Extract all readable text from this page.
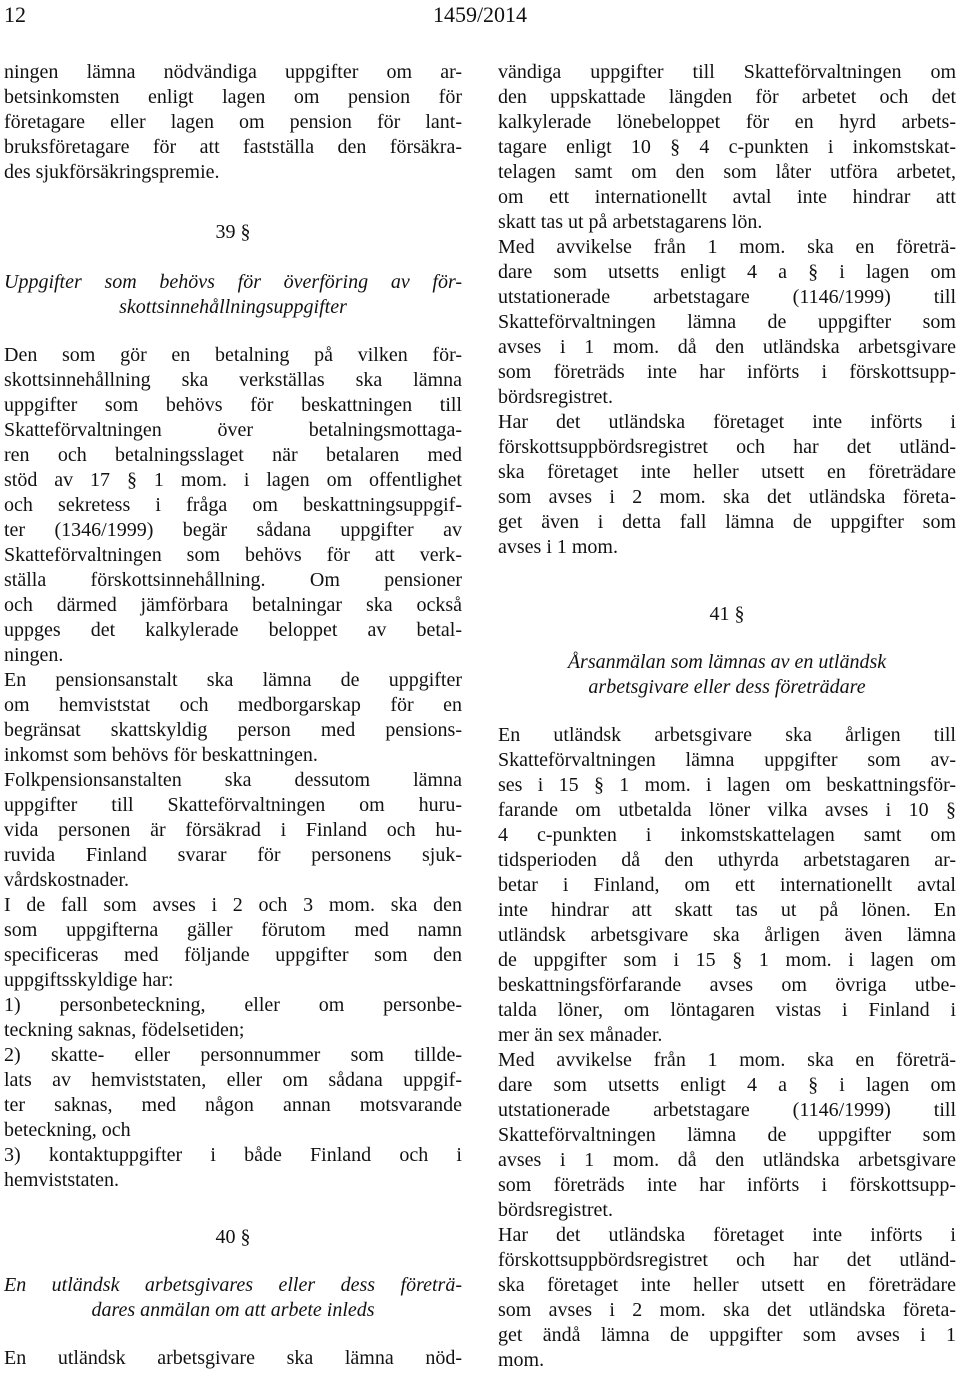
12	1459/2014
ningen lämna nödvändiga uppgifter om ar-
betsinkomsten enligt lagen om pension för
företagare eller lagen om pension för lant-
bruksföretagare för att fastställa den försäkra-
des sjukförsäkringspremie.
39 §
Uppgifter som behövs för överföring av för-
skottsinnehållningsuppgifter
Den som gör en betalning på vilken för-
skottsinnehållning ska verkställas ska lämna
uppgifter som behövs för beskattningen till
Skatteförvaltningen över betalningsmottaga-
ren och betalningsslaget när betalaren med
stöd av 17 § 1 mom. i lagen om offentlighet
och sekretess i fråga om beskattningsuppgif-
ter (1346/1999) begär sådana uppgifter av
Skatteförvaltningen som behövs för att verk-
ställa förskottsinnehållning. Om pensioner
och därmed jämförbara betalningar ska också
uppges det kalkylerade beloppet av betal-
ningen.
En pensionsanstalt ska lämna de uppgifter
om hemviststat och medborgarskap för en
begränsat skattskyldig person med pensions-
inkomst som behövs för beskattningen.
Folkpensionsanstalten ska dessutom lämna
uppgifter till Skatteförvaltningen om huru-
vida personen är försäkrad i Finland och hu-
ruvida Finland svarar för personens sjuk-
vårdskostnader.
I de fall som avses i 2 och 3 mom. ska den
som uppgifterna gäller förutom med namn
specificeras med följande uppgifter som den
uppgiftsskyldige har:
1) personbeteckning, eller om personbe-
teckning saknas, födelsetiden;
2) skatte- eller personnummer som tillde-
lats av hemviststaten, eller om sådana uppgif-
ter saknas, med någon annan motsvarande
beteckning, och
3) kontaktuppgifter i både Finland och i
hemviststaten.
40 §
En utländsk arbetsgivares eller dess företrä-
dares anmälan om att arbete inleds
En utländsk arbetsgivare ska lämna nöd-
vändiga uppgifter till Skatteförvaltningen om
den uppskattade längden för arbetet och det
kalkylerade lönebeloppet för en hyrd arbets-
tagare enligt 10 § 4 c-punkten i inkomstskat-
telagen samt om den som låter utföra arbetet,
om ett internationellt avtal inte hindrar att
skatt tas ut på arbetstagarens lön.
Med avvikelse från 1 mom. ska en företrä-
dare som utsetts enligt 4 a § i lagen om
utstationerade arbetstagare (1146/1999) till
Skatteförvaltningen lämna de uppgifter som
avses i 1 mom. då den utländska arbetsgivare
som företräds inte har införts i förskottsupp-
bördsregistret.
Har det utländska företaget inte införts i
förskottsuppbördsregistret och har det utländ-
ska företaget inte heller utsett en företrädare
som avses i 2 mom. ska det utländska företa-
get även i detta fall lämna de uppgifter som
avses i 1 mom.
41 §
Årsanmälan som lämnas av en utländsk
arbetsgivare eller dess företrädare
En utländsk arbetsgivare ska årligen till
Skatteförvaltningen lämna uppgifter som av-
ses i 15 § 1 mom. i lagen om beskattningsför-
farande om utbetalda löner vilka avses i 10 §
4 c-punkten i inkomstskattelagen samt om
tidsperioden då den uthyrda arbetstagaren ar-
betar i Finland, om ett internationellt avtal
inte hindrar att skatt tas ut på lönen. En
utländsk arbetsgivare ska årligen även lämna
de uppgifter som i 15 § 1 mom. i lagen om
beskattningsförfarande avses om övriga utbe-
talda löner, om löntagaren vistas i Finland i
mer än sex månader.
Med avvikelse från 1 mom. ska en företrä-
dare som utsetts enligt 4 a § i lagen om
utstationerade arbetstagare (1146/1999) till
Skatteförvaltningen lämna de uppgifter som
avses i 1 mom. då den utländska arbetsgivare
som företräds inte har införts i förskottsupp-
bördsregistret.
Har det utländska företaget inte införts i
förskottsuppbördsregistret och har det utländ-
ska företaget inte heller utsett en företrädare
som avses i 2 mom. ska det utländska företa-
get ändå lämna de uppgifter som avses i 1
mom.
